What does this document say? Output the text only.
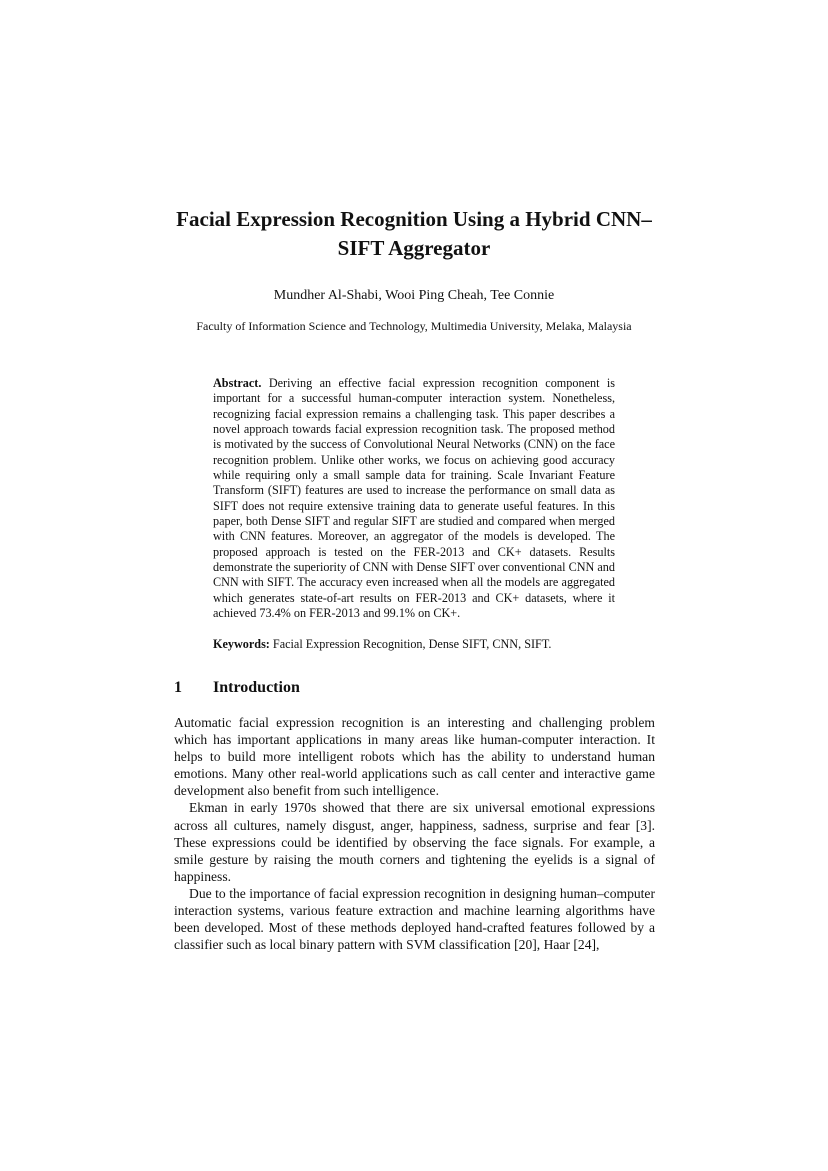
Facial Expression Recognition Using a Hybrid CNN–
SIFT Aggregator

Mundher Al-Shabi, Wooi Ping Cheah, Tee Connie

Faculty of Information Science and Technology, Multimedia University, Melaka, Malaysia

Abstract. Deriving an effective facial expression recognition component is important for a successful human-computer interaction system. Nonetheless, recognizing facial expression remains a challenging task. This paper describes a novel approach towards facial expression recognition task. The proposed method is motivated by the success of Convolutional Neural Networks (CNN) on the face recognition problem. Unlike other works, we focus on achieving good accuracy while requiring only a small sample data for training. Scale Invariant Feature Transform (SIFT) features are used to increase the performance on small data as SIFT does not require extensive training data to generate useful features. In this paper, both Dense SIFT and regular SIFT are studied and compared when merged with CNN features. Moreover, an aggregator of the models is developed. The proposed approach is tested on the FER-2013 and CK+ datasets. Results demonstrate the superiority of CNN with Dense SIFT over conventional CNN and CNN with SIFT. The accuracy even increased when all the models are aggregated which generates state-of-art results on FER-2013 and CK+ datasets, where it achieved 73.4% on FER-2013 and 99.1% on CK+.

Keywords: Facial Expression Recognition, Dense SIFT, CNN, SIFT.

1 Introduction

Automatic facial expression recognition is an interesting and challenging problem which has important applications in many areas like human-computer interaction. It helps to build more intelligent robots which has the ability to understand human emotions. Many other real-world applications such as call center and interactive game development also benefit from such intelligence.

Ekman in early 1970s showed that there are six universal emotional expressions across all cultures, namely disgust, anger, happiness, sadness, surprise and fear [3]. These expressions could be identified by observing the face signals. For example, a smile gesture by raising the mouth corners and tightening the eyelids is a signal of happiness.

Due to the importance of facial expression recognition in designing human–computer interaction systems, various feature extraction and machine learning algorithms have been developed. Most of these methods deployed hand-crafted features followed by a classifier such as local binary pattern with SVM classification [20], Haar [24],
